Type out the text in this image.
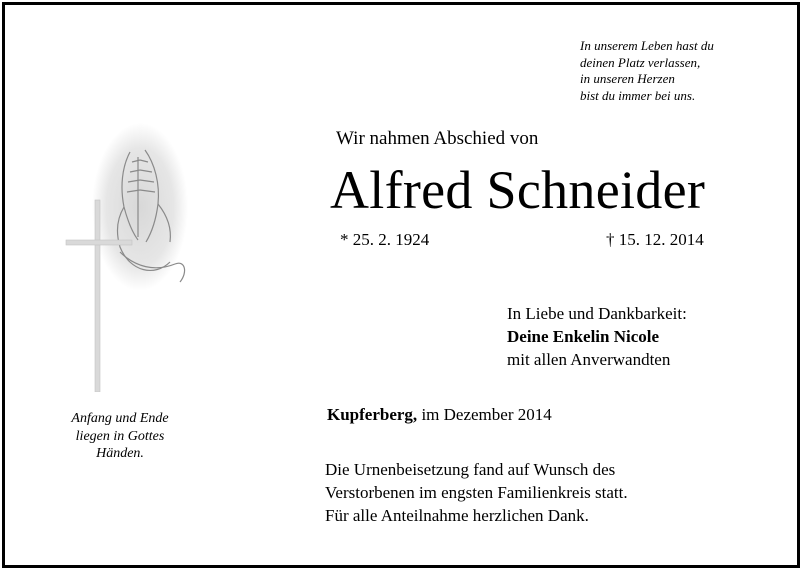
In unserem Leben hast du
deinen Platz verlassen,
in unseren Herzen
bist du immer bei uns.
Wir nahmen Abschied von
Alfred Schneider
* 25. 2. 1924	† 15. 12. 2014
In Liebe und Dankbarkeit:
Deine Enkelin Nicole
mit allen Anverwandten
Anfang und Ende
liegen in Gottes
Händen.
Kupferberg, im Dezember 2014
Die Urnenbeisetzung fand auf Wunsch des
Verstorbenen im engsten Familienkreis statt.
Für alle Anteilnahme herzlichen Dank.
